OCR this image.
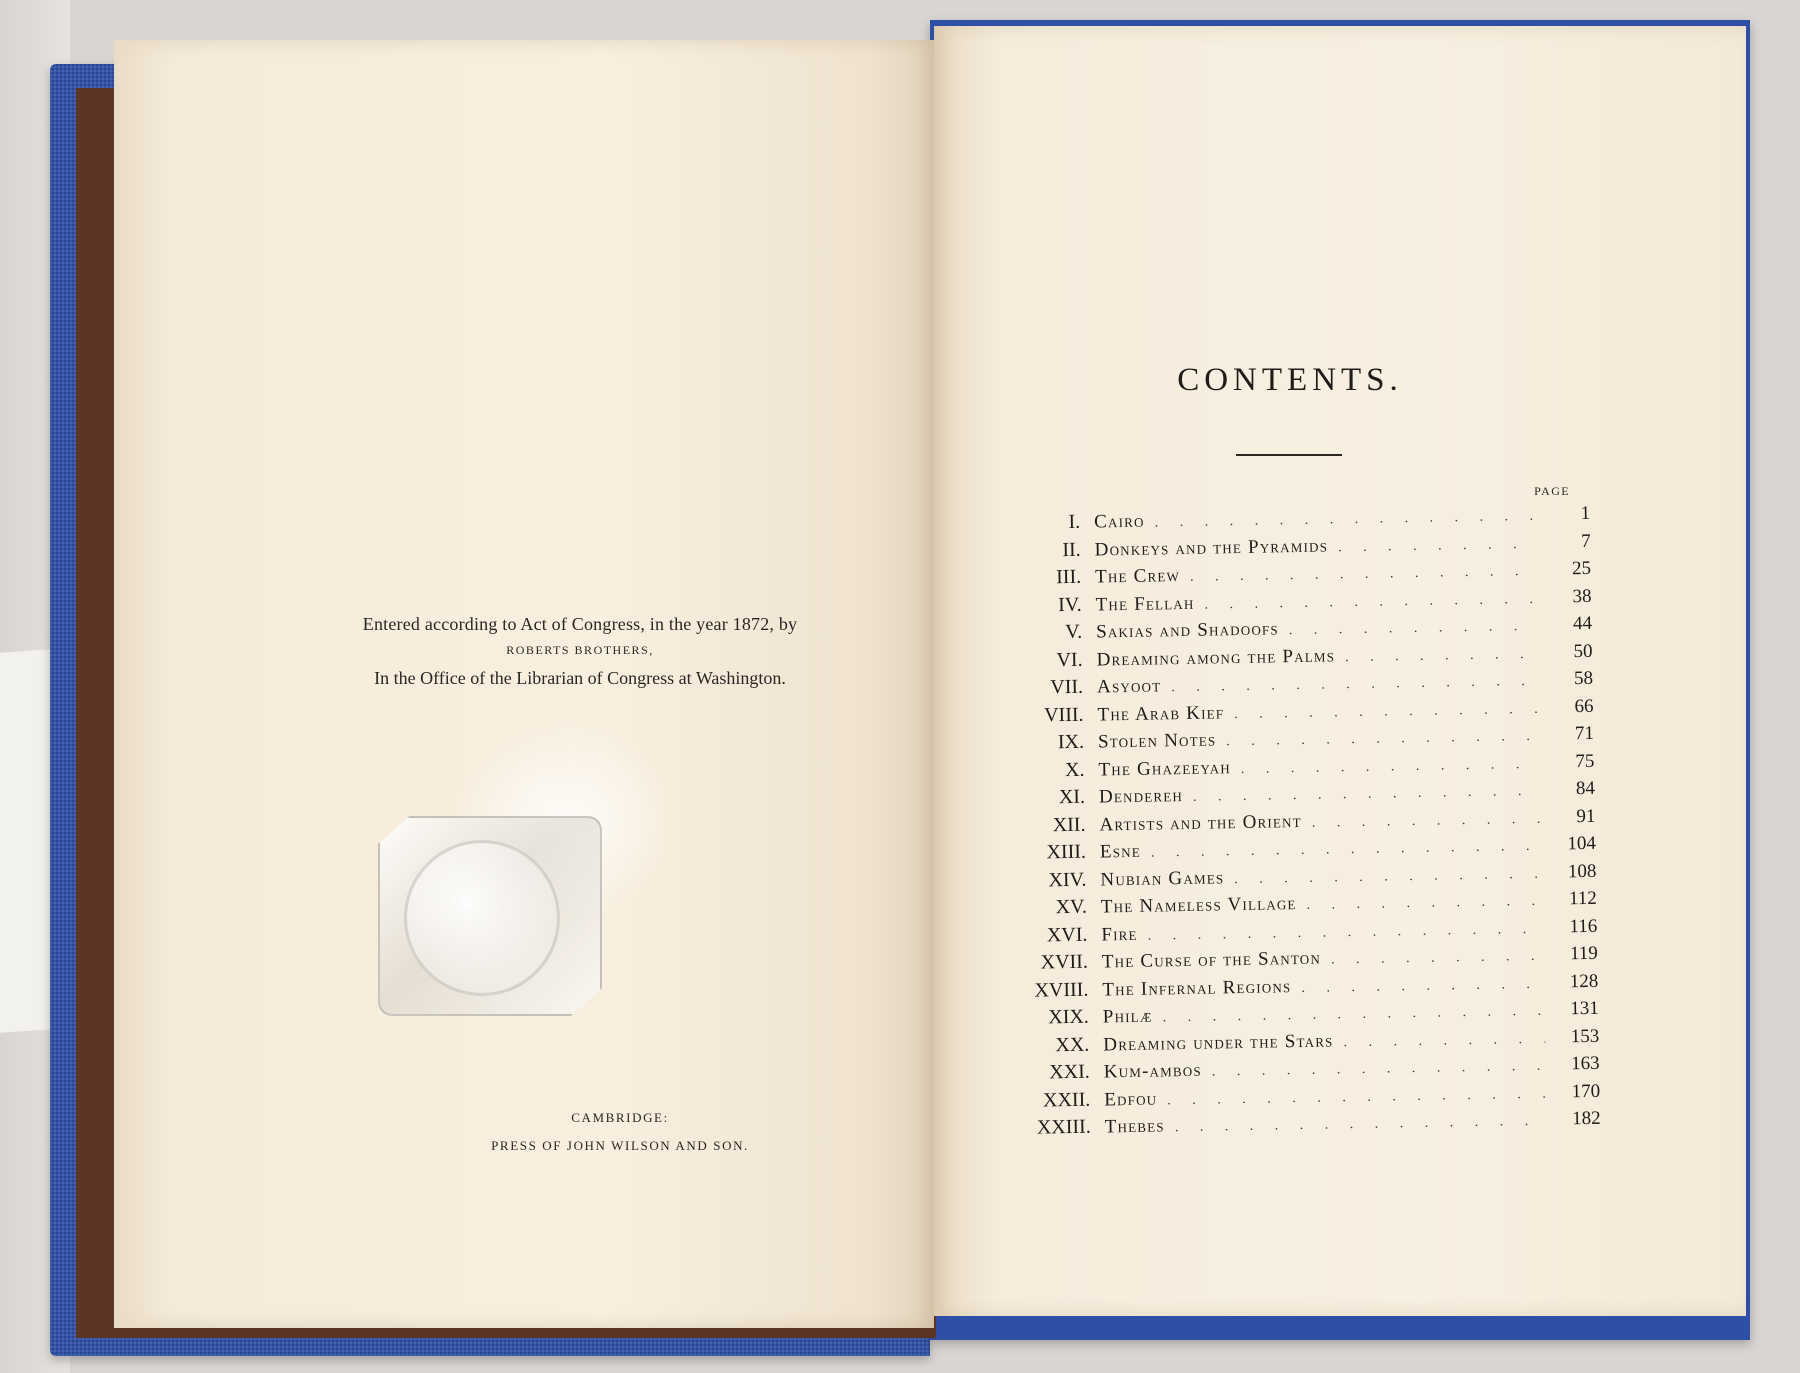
Entered according to Act of Congress, in the year 1872, by
ROBERTS BROTHERS,
In the Office of the Librarian of Congress at Washington.
CAMBRIDGE:
PRESS OF JOHN WILSON AND SON.
CONTENTS.
PAGE
I. Cairo . . .	1
II. Donkeys and the Pyramids . . .	7
III. The Crew . . .	25
IV. The Fellah . . .	38
V. Sakias and Shadoofs . . .	44
VI. Dreaming among the Palms . . .	50
VII. Asyoot . . .	58
VIII. The Arab Kief . . .	66
IX. Stolen Notes . . .	71
X. The Ghazeeyah . . .	75
XI. Dendereh . . .	84
XII. Artists and the Orient . . .	91
XIII. Esne . . .	104
XIV. Nubian Games . . .	108
XV. The Nameless Village . . .	112
XVI. Fire . . .	116
XVII. The Curse of the Santon . . .	119
XVIII. The Infernal Regions . . .	128
XIX. Philæ . . .	131
XX. Dreaming under the Stars . . .	153
XXI. Kum-ambos . . .	163
XXII. Edfou . . .	170
XXIII. Thebes . . .	182
